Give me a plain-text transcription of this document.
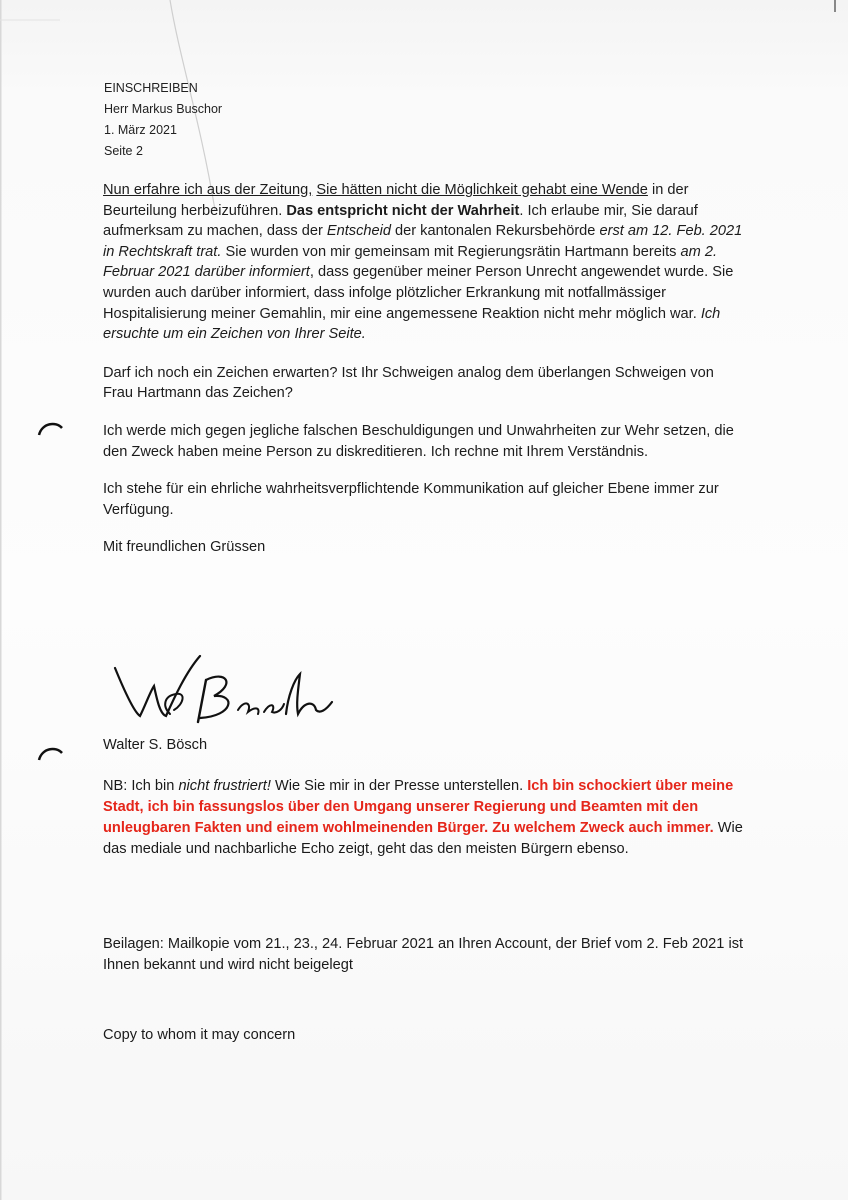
EINSCHREIBEN
Herr Markus Buschor
1. März 2021
Seite 2

Nun erfahre ich aus der Zeitung, Sie hätten nicht die Möglichkeit gehabt eine Wende in der Beurteilung herbeizuführen. Das entspricht nicht der Wahrheit. Ich erlaube mir, Sie darauf aufmerksam zu machen, dass der Entscheid der kantonalen Rekursbehörde erst am 12. Feb. 2021 in Rechtskraft trat. Sie wurden von mir gemeinsam mit Regierungsrätin Hartmann bereits am 2. Februar 2021 darüber informiert, dass gegenüber meiner Person Unrecht angewendet wurde. Sie wurden auch darüber informiert, dass infolge plötzlicher Erkrankung mit notfallmässiger Hospitalisierung meiner Gemahlin, mir eine angemessene Reaktion nicht mehr möglich war. Ich ersuchte um ein Zeichen von Ihrer Seite.

Darf ich noch ein Zeichen erwarten? Ist Ihr Schweigen analog dem überlangen Schweigen von Frau Hartmann das Zeichen?

Ich werde mich gegen jegliche falschen Beschuldigungen und Unwahrheiten zur Wehr setzen, die den Zweck haben meine Person zu diskreditieren. Ich rechne mit Ihrem Verständnis.

Ich stehe für ein ehrliche wahrheitsverpflichtende Kommunikation auf gleicher Ebene immer zur Verfügung.

Mit freundlichen Grüssen

Walter S. Bösch
NB: Ich bin nicht frustriert! Wie Sie mir in der Presse unterstellen. Ich bin schockiert über meine Stadt, ich bin fassungslos über den Umgang unserer Regierung und Beamten mit den unleugbaren Fakten und einem wohlmeinenden Bürger. Zu welchem Zweck auch immer. Wie das mediale und nachbarliche Echo zeigt, geht das den meisten Bürgern ebenso.
Beilagen: Mailkopie vom 21., 23., 24. Februar 2021 an Ihren Account, der Brief vom 2. Feb 2021 ist Ihnen bekannt und wird nicht beigelegt
Copy to whom it may concern
